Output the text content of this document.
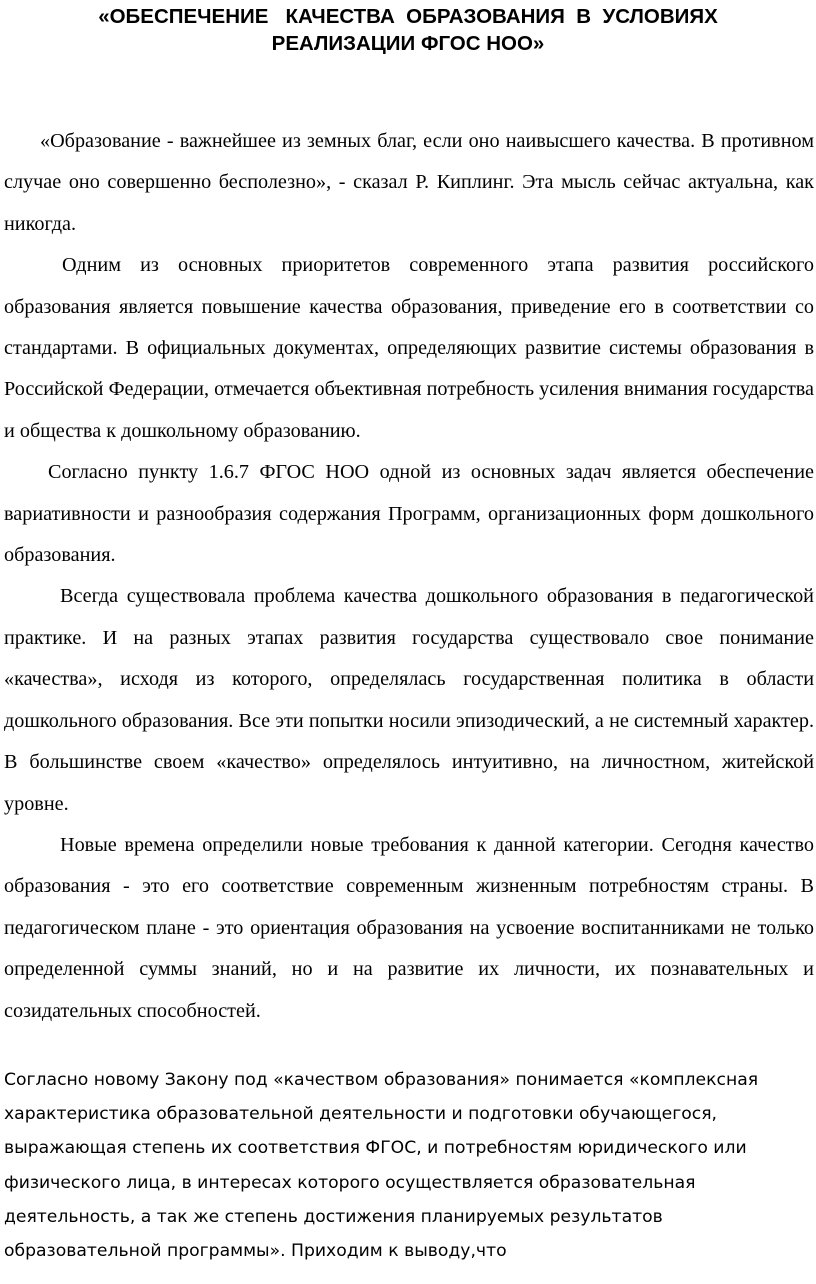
«ОБЕСПЕЧЕНИЕ   КАЧЕСТВА  ОБРАЗОВАНИЯ  В  УСЛОВИЯХ
РЕАЛИЗАЦИИ ФГОС НОО»

«Образование - важнейшее из земных благ, если оно наивысшего качества. В противном случае оно совершенно бесполезно», - сказал Р. Киплинг. Эта мысль сейчас актуальна, как никогда.

Одним из основных приоритетов современного этапа развития российского образования является повышение качества образования, приведение его в соответствии со стандартами. В официальных документах, определяющих развитие системы образования в Российской Федерации, отмечается объективная потребность усиления внимания государства и общества к дошкольному образованию.

Согласно пункту 1.6.7 ФГОС НОО одной из основных задач является обеспечение вариативности и разнообразия содержания Программ, организационных форм дошкольного образования.

Всегда существовала проблема качества дошкольного образования в педагогической практике. И на разных этапах развития государства существовало свое понимание «качества», исходя из которого, определялась государственная политика в области дошкольного образования. Все эти попытки носили эпизодический, а не системный характер. В большинстве своем «качество» определялось интуитивно, на личностном, житейской уровне.

Новые времена определили новые требования к данной категории. Сегодня качество образования - это его соответствие современным жизненным потребностям страны. В педагогическом плане - это ориентация образования на усвоение воспитанниками не только определенной суммы знаний, но и на развитие их личности, их познавательных и созидательных способностей.

Согласно новому Закону под «качеством образования» понимается «комплексная характеристика образовательной деятельности и подготовки обучающегося, выражающая степень их соответствия ФГОС, и потребностям юридического или физического лица, в интересах которого осуществляется образовательная деятельность, а так же степень достижения планируемых результатов образовательной программы». Приходим к выводу,что
